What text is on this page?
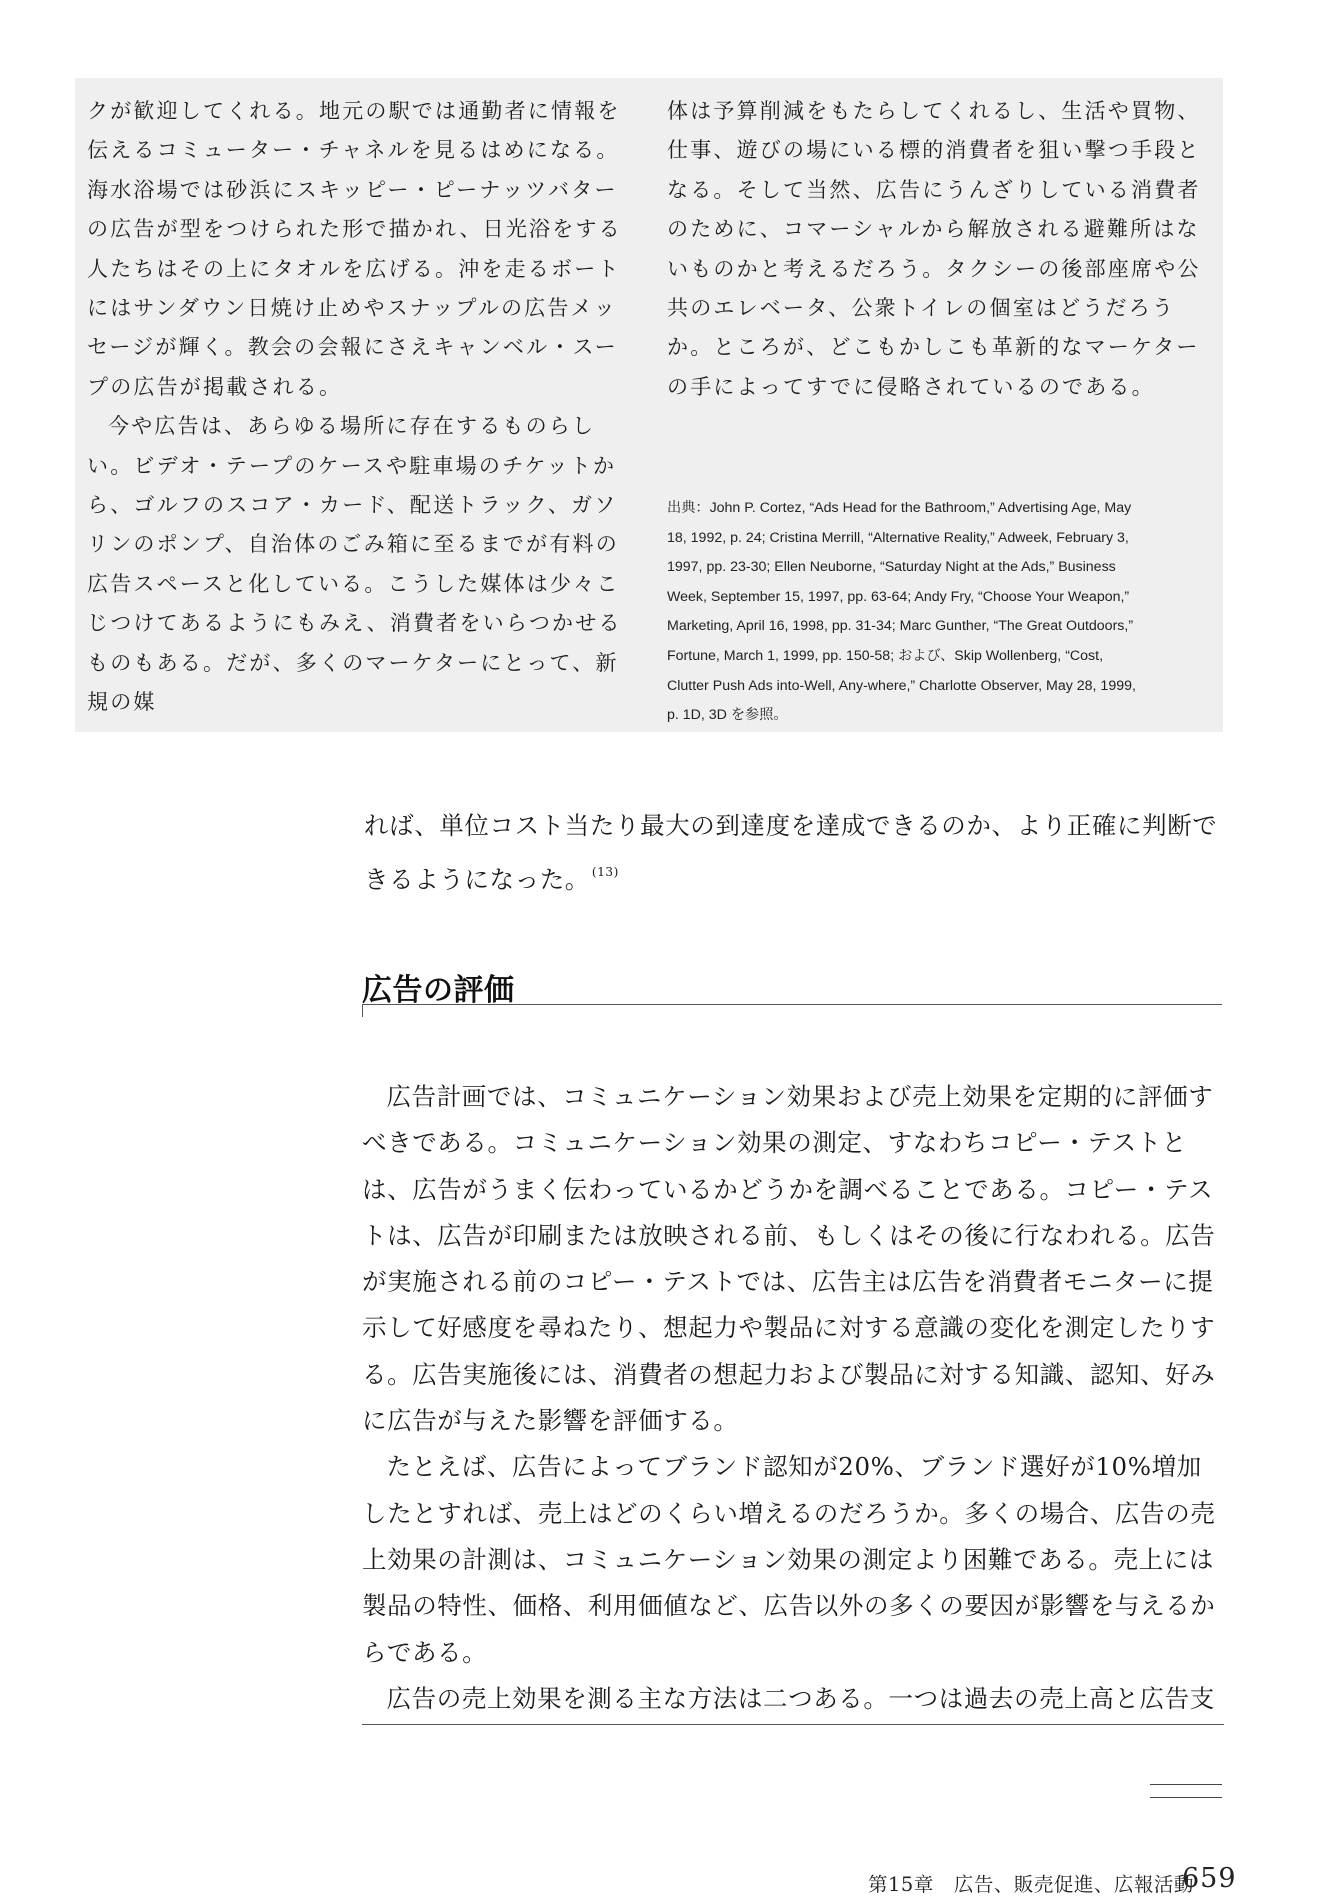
クが歓迎してくれる。地元の駅では通勤者に情報を伝えるコミューター・チャネルを見るはめになる。海水浴場では砂浜にスキッピー・ピーナッツバターの広告が型をつけられた形で描かれ、日光浴をする人たちはその上にタオルを広げる。沖を走るボートにはサンダウン日焼け止めやスナップルの広告メッセージが輝く。教会の会報にさえキャンベル・スープの広告が掲載される。

今や広告は、あらゆる場所に存在するものらしい。ビデオ・テープのケースや駐車場のチケットから、ゴルフのスコア・カード、配送トラック、ガソリンのポンプ、自治体のごみ箱に至るまでが有料の広告スペースと化している。こうした媒体は少々こじつけてあるようにもみえ、消費者をいらつかせるものもある。だが、多くのマーケターにとって、新規の媒

体は予算削減をもたらしてくれるし、生活や買物、仕事、遊びの場にいる標的消費者を狙い撃つ手段となる。そして当然、広告にうんざりしている消費者のために、コマーシャルから解放される避難所はないものかと考えるだろう。タクシーの後部座席や公共のエレベータ、公衆トイレの個室はどうだろうか。ところが、どこもかしこも革新的なマーケターの手によってすでに侵略されているのである。

出典：John P. Cortez, “Ads Head for the Bathroom,” Advertising Age, May

18, 1992, p. 24; Cristina Merrill, “Alternative Reality,” Adweek, February 3,

1997, pp. 23-30; Ellen Neuborne, “Saturday Night at the Ads,” Business

Week, September 15, 1997, pp. 63-64; Andy Fry, “Choose Your Weapon,”

Marketing, April 16, 1998, pp. 31-34; Marc Gunther, “The Great Outdoors,”

Fortune, March 1, 1999, pp. 150-58; および、Skip Wollenberg, “Cost,

Clutter Push Ads into-Well, Any-where,” Charlotte Observer, May 28, 1999,

p. 1D, 3D を参照。

れば、単位コスト当たり最大の到達度を達成できるのか、より正確に判断で

きるようになった。 $^{(13)}$

広告の評価

広告計画では、コミュニケーション効果および売上効果を定期的に評価すべきである。コミュニケーション効果の測定、すなわちコピー・テストとは、広告がうまく伝わっているかどうかを調べることである。コピー・テストは、広告が印刷または放映される前、もしくはその後に行なわれる。広告が実施される前のコピー・テストでは、広告主は広告を消費者モニターに提示して好感度を尋ねたり、想起力や製品に対する意識の変化を測定したりする。広告実施後には、消費者の想起力および製品に対する知識、認知、好みに広告が与えた影響を評価する。

たとえば、広告によってブランド認知が20%、ブランド選好が10%増加したとすれば、売上はどのくらい増えるのだろうか。多くの場合、広告の売上効果の計測は、コミュニケーション効果の測定より困難である。売上には製品の特性、価格、利用価値など、広告以外の多くの要因が影響を与えるからである。

広告の売上効果を測る主な方法は二つある。一つは過去の売上高と広告支

第15章　広告、販売促進、広報活動
659
